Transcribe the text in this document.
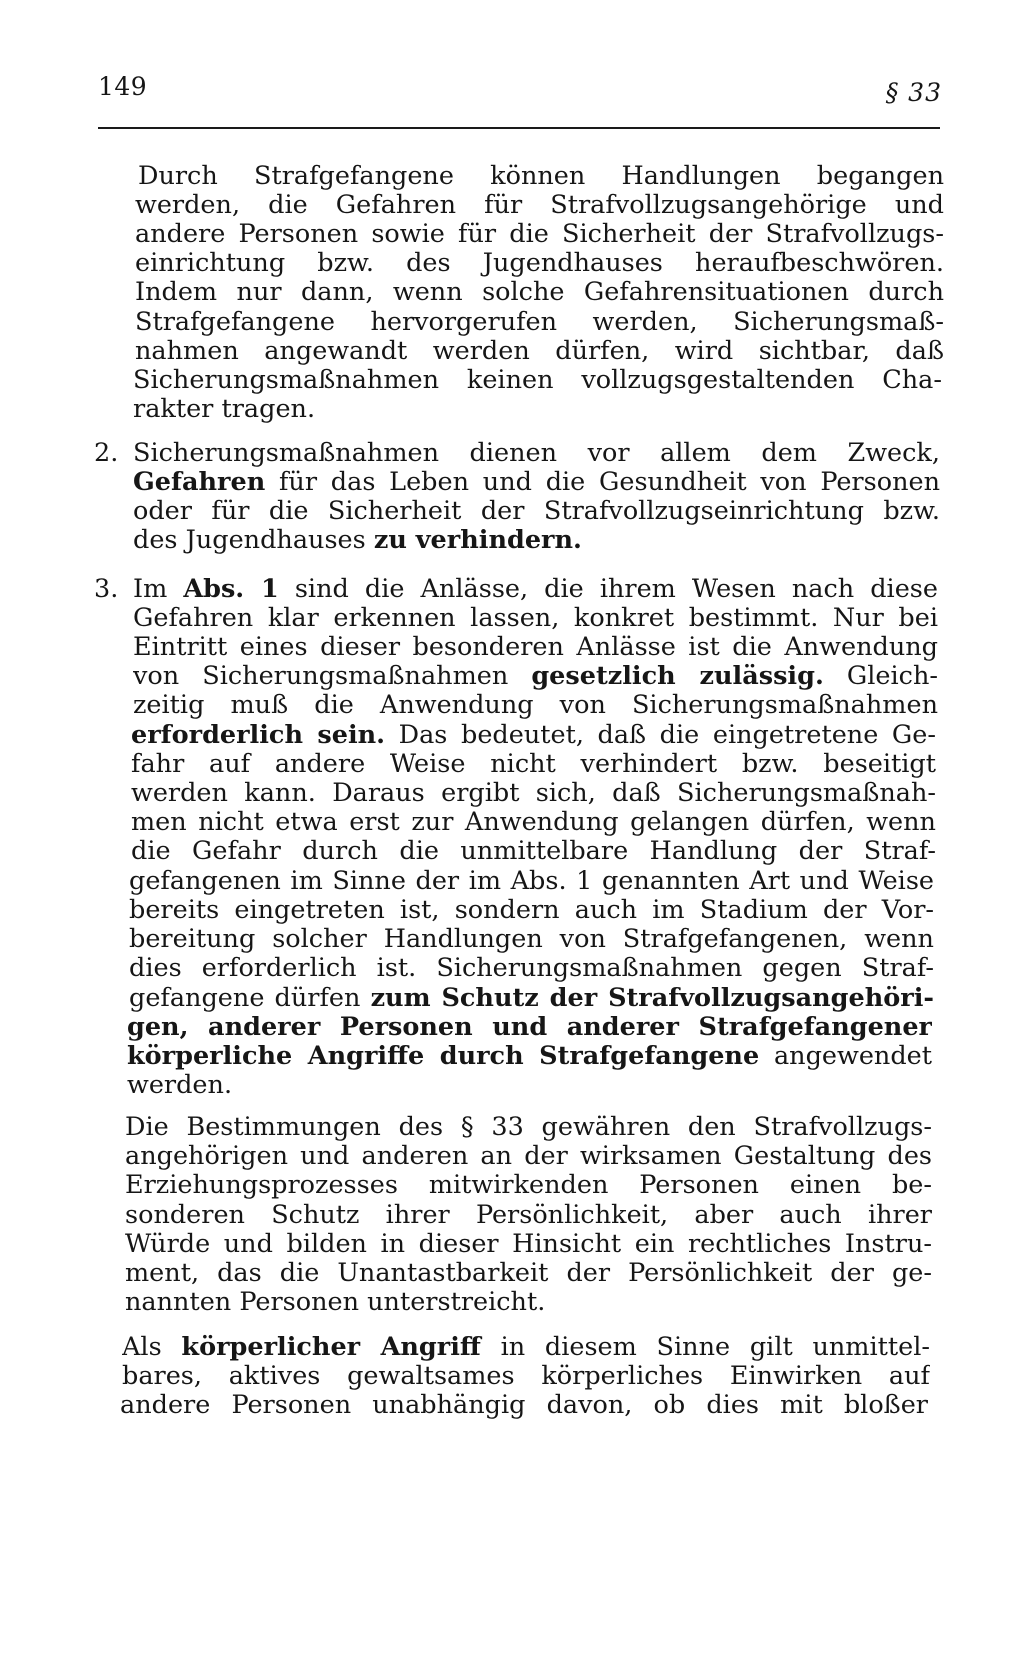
149	§ 33
Durch Strafgefangene können Handlungen begangen
werden, die Gefahren für Strafvollzugsangehörige und
andere Personen sowie für die Sicherheit der Strafvollzugs-
einrichtung bzw. des Jugendhauses heraufbeschwören.
Indem nur dann, wenn solche Gefahrensituationen durch
Strafgefangene hervorgerufen werden, Sicherungsmaß-
nahmen angewandt werden dürfen, wird sichtbar, daß
Sicherungsmaßnahmen keinen vollzugsgestaltenden Cha-
rakter tragen.
2. Sicherungsmaßnahmen dienen vor allem dem Zweck,
Gefahren für das Leben und die Gesundheit von Personen
oder für die Sicherheit der Strafvollzugseinrichtung bzw.
des Jugendhauses zu verhindern.
3. Im Abs. 1 sind die Anlässe, die ihrem Wesen nach diese
Gefahren klar erkennen lassen, konkret bestimmt. Nur bei
Eintritt eines dieser besonderen Anlässe ist die Anwendung
von Sicherungsmaßnahmen gesetzlich zulässig. Gleich-
zeitig muß die Anwendung von Sicherungsmaßnahmen
erforderlich sein. Das bedeutet, daß die eingetretene Ge-
fahr auf andere Weise nicht verhindert bzw. beseitigt
werden kann. Daraus ergibt sich, daß Sicherungsmaßnah-
men nicht etwa erst zur Anwendung gelangen dürfen, wenn
die Gefahr durch die unmittelbare Handlung der Straf-
gefangenen im Sinne der im Abs. 1 genannten Art und Weise
bereits eingetreten ist, sondern auch im Stadium der Vor-
bereitung solcher Handlungen von Strafgefangenen, wenn
dies erforderlich ist. Sicherungsmaßnahmen gegen Straf-
gefangene dürfen zum Schutz der Strafvollzugsangehöri-
gen, anderer Personen und anderer Strafgefangener
körperliche Angriffe durch Strafgefangene angewendet
werden.
Die Bestimmungen des § 33 gewähren den Strafvollzugs-
angehörigen und anderen an der wirksamen Gestaltung des
Erziehungsprozesses mitwirkenden Personen einen be-
sonderen Schutz ihrer Persönlichkeit, aber auch ihrer
Würde und bilden in dieser Hinsicht ein rechtliches Instru-
ment, das die Unantastbarkeit der Persönlichkeit der ge-
nannten Personen unterstreicht.
Als körperlicher Angriff in diesem Sinne gilt unmittel-
bares, aktives gewaltsames körperliches Einwirken auf
andere Personen unabhängig davon, ob dies mit bloßer
